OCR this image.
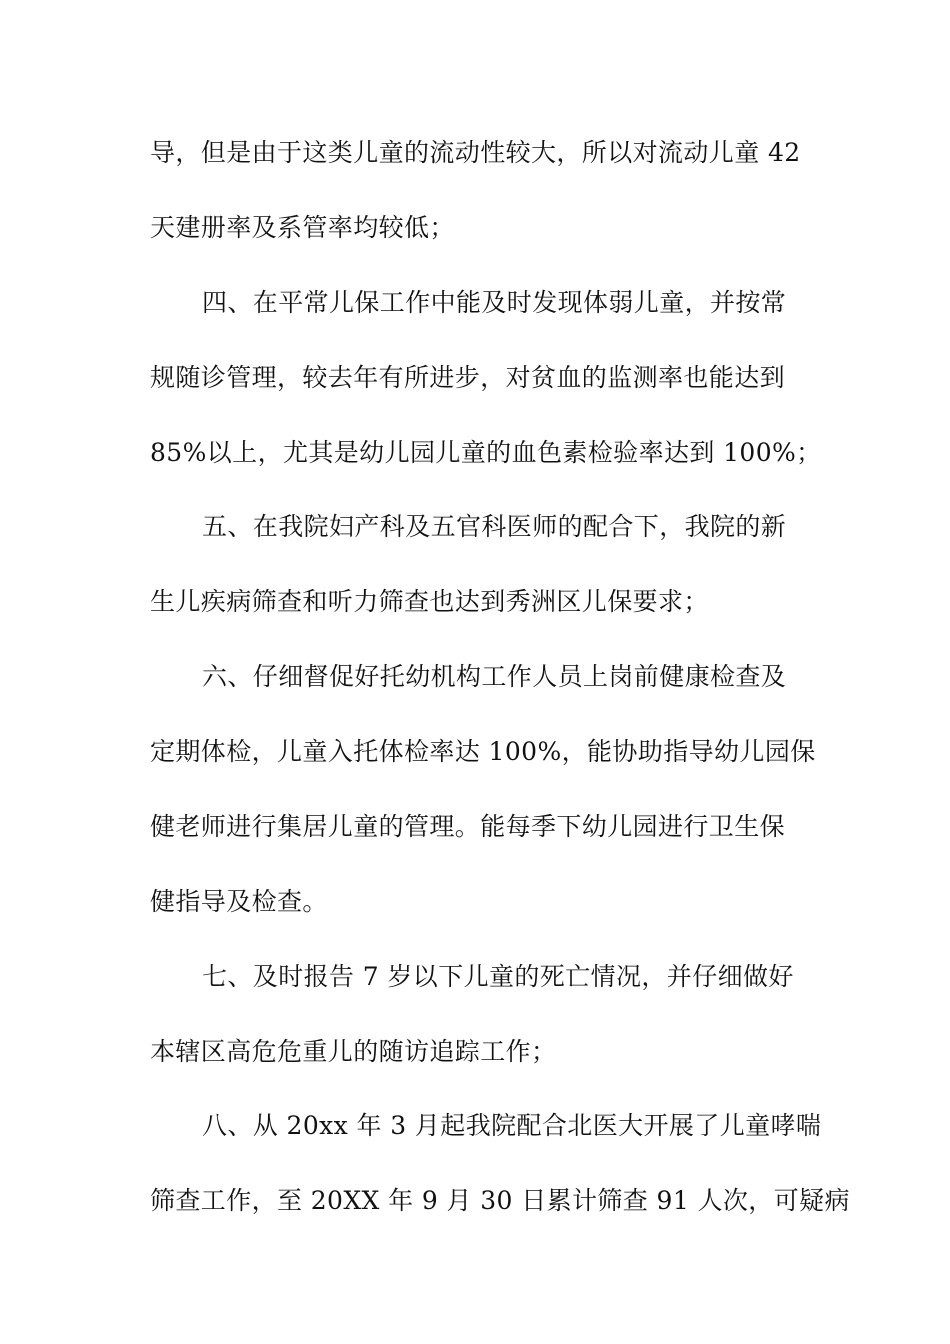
导，但是由于这类儿童的流动性较大，所以对流动儿童 42
天建册率及系管率均较低；
四、在平常儿保工作中能及时发现体弱儿童，并按常
规随诊管理，较去年有所进步，对贫血的监测率也能达到
85%以上，尤其是幼儿园儿童的血色素检验率达到 100%；
五、在我院妇产科及五官科医师的配合下，我院的新
生儿疾病筛查和听力筛查也达到秀洲区儿保要求；
六、仔细督促好托幼机构工作人员上岗前健康检查及
定期体检，儿童入托体检率达 100%，能协助指导幼儿园保
健老师进行集居儿童的管理。能每季下幼儿园进行卫生保
健指导及检查。
七、及时报告 7 岁以下儿童的死亡情况，并仔细做好
本辖区高危危重儿的随访追踪工作；
八、从 20xx 年 3 月起我院配合北医大开展了儿童哮喘
筛查工作，至 20XX 年 9 月 30 日累计筛查 91 人次，可疑病
